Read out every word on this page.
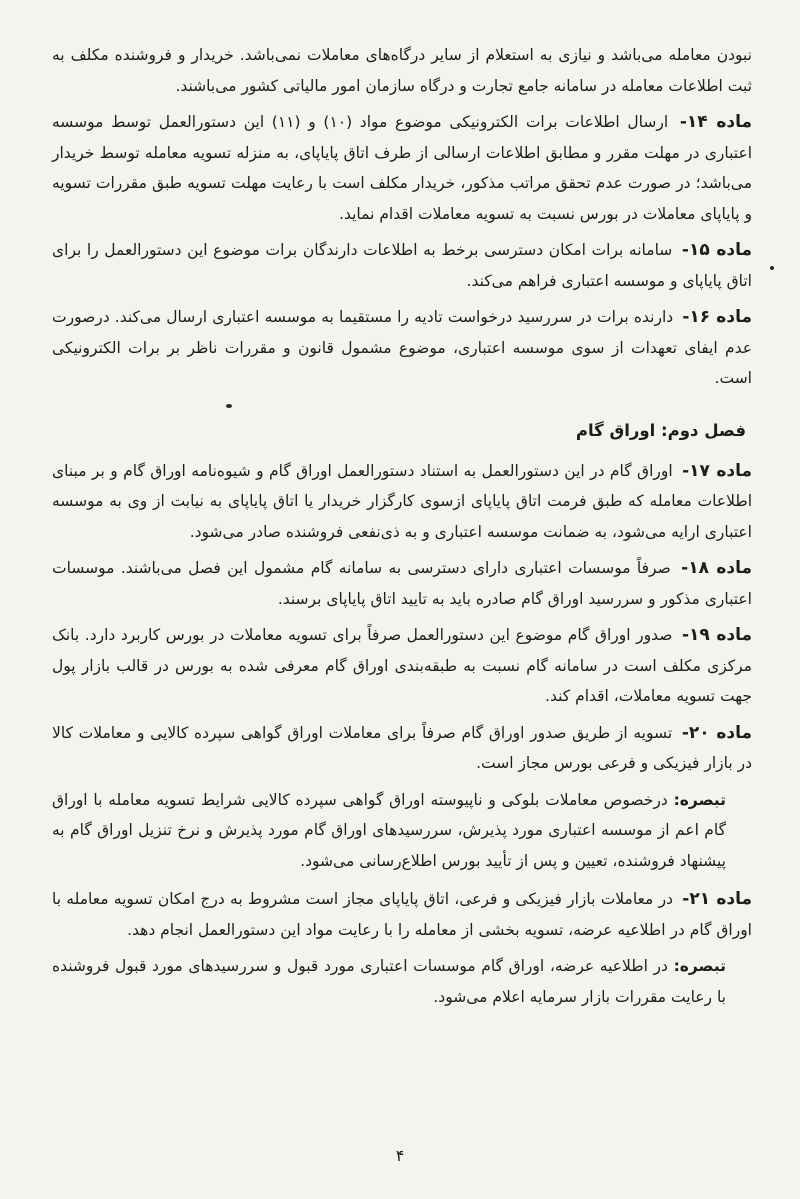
نبودن معامله می‌باشد و نیازی به استعلام از سایر درگاه‌های معاملات نمی‌باشد. خریدار و فروشنده مکلف به ثبت اطلاعات معامله در سامانه جامع تجارت و درگاه سازمان امور مالیاتی کشور می‌باشند.

ماده ۱۴- ارسال اطلاعات برات الکترونیکی موضوع مواد (۱۰) و (۱۱) این دستورالعمل توسط موسسه اعتباری در مهلت مقرر و مطابق اطلاعات ارسالی از طرف اتاق پایاپای، به منزله تسویه معامله توسط خریدار می‌باشد؛ در صورت عدم تحقق مراتب مذکور، خریدار مکلف است با رعایت مهلت تسویه طبق مقررات تسویه و پایاپای معاملات در بورس نسبت به تسویه معاملات اقدام نماید.

ماده ۱۵- سامانه برات امکان دسترسی برخط به اطلاعات دارندگان برات موضوع این دستورالعمل را برای اتاق پایاپای و موسسه اعتباری فراهم می‌کند.

ماده ۱۶- دارنده برات در سررسید درخواست تادیه را مستقیما به موسسه اعتباری ارسال می‌کند. درصورت عدم ایفای تعهدات از سوی موسسه اعتباری، موضوع مشمول قانون و مقررات ناظر بر برات الکترونیکی است.

فصل دوم: اوراق گام

ماده ۱۷- اوراق گام در این دستورالعمل به استناد دستورالعمل اوراق گام و شیوه‌نامه اوراق گام و بر مبنای اطلاعات معامله که طبق فرمت اتاق پایاپای ازسوی کارگزار خریدار یا اتاق پایاپای به نیابت از وی به موسسه اعتباری ارایه می‌شود، به ضمانت موسسه اعتباری و به ذی‌نفعی فروشنده صادر می‌شود.

ماده ۱۸- صرفاً موسسات اعتباری دارای دسترسی به سامانه گام مشمول این فصل می‌باشند. موسسات اعتباری مذکور و سررسید اوراق گام صادره باید به تایید اتاق پایاپای برسند.

ماده ۱۹- صدور اوراق گام موضوع این دستورالعمل صرفاً برای تسویه معاملات در بورس کاربرد دارد. بانک مرکزی مکلف است در سامانه گام نسبت به طبقه‌بندی اوراق گام معرفی شده به بورس در قالب بازار پول جهت تسویه معاملات، اقدام کند.

ماده ۲۰- تسویه از طریق صدور اوراق گام صرفاً برای معاملات اوراق گواهی سپرده کالایی و معاملات کالا در بازار فیزیکی و فرعی بورس مجاز است.

تبصره: درخصوص معاملات بلوکی و ناپیوسته اوراق گواهی سپرده کالایی شرایط تسویه معامله با اوراق گام اعم از موسسه اعتباری مورد پذیرش، سررسیدهای اوراق گام مورد پذیرش و نرخ تنزیل اوراق گام به پیشنهاد فروشنده، تعیین و پس از تأیید بورس اطلاع‌رسانی می‌شود.

ماده ۲۱- در معاملات بازار فیزیکی و فرعی، اتاق پایاپای مجاز است مشروط به درج امکان تسویه معامله با اوراق گام در اطلاعیه عرضه، تسویه بخشی از معامله را با رعایت مواد این دستورالعمل انجام دهد.

تبصره: در اطلاعیه عرضه، اوراق گام موسسات اعتباری مورد قبول و سررسیدهای مورد قبول فروشنده با رعایت مقررات بازار سرمایه اعلام می‌شود.

۴
